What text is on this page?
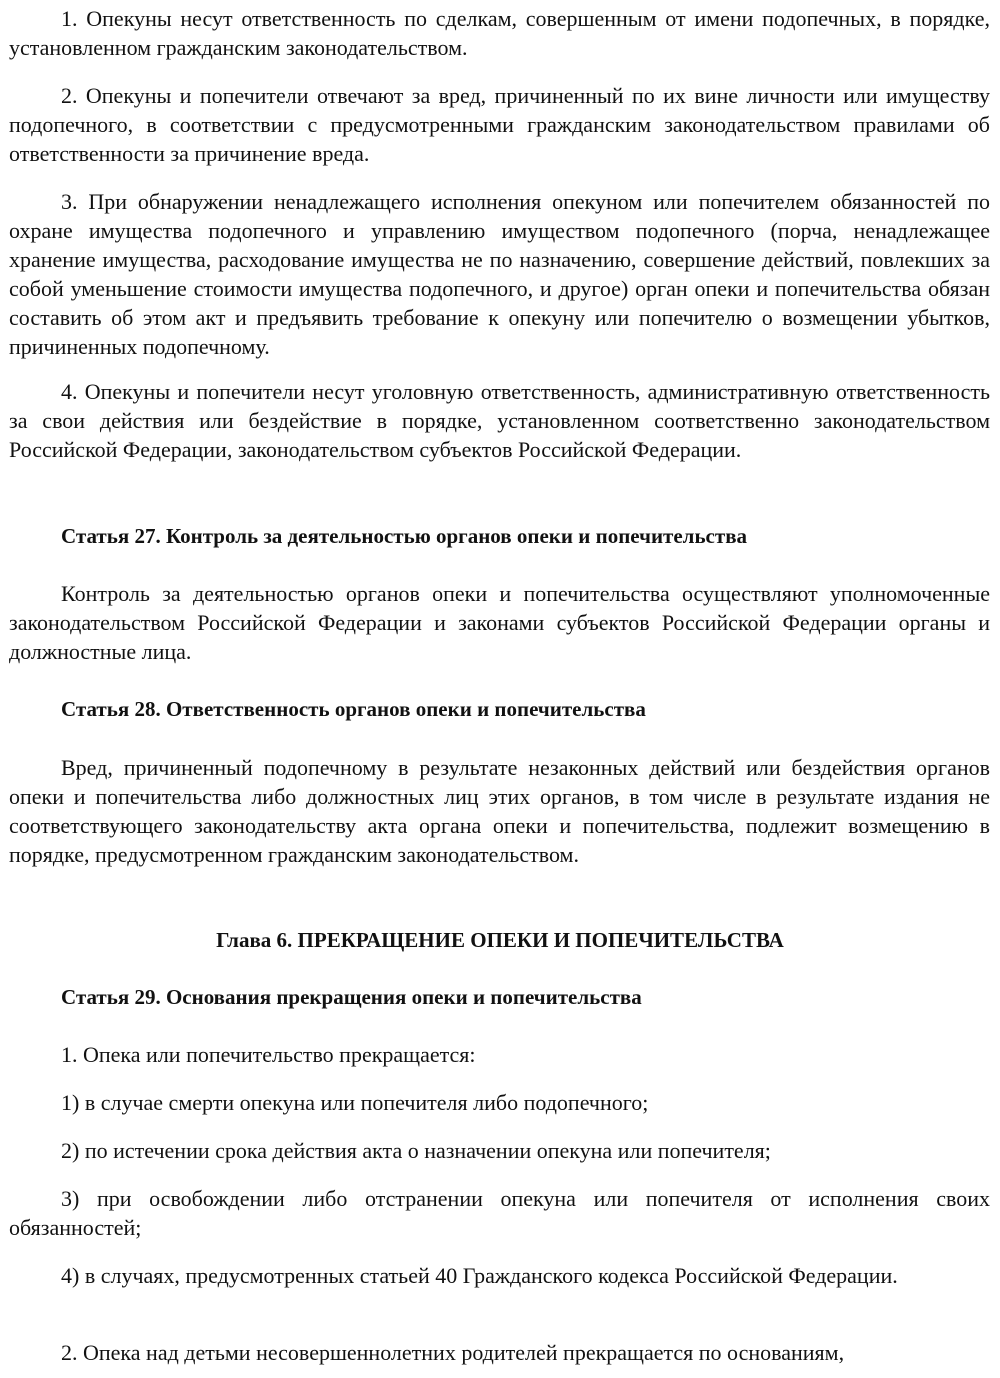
1. Опекуны несут ответственность по сделкам, совершенным от имени подопечных, в порядке, установленном гражданским законодательством.

2. Опекуны и попечители отвечают за вред, причиненный по их вине личности или имуществу подопечного, в соответствии с предусмотренными гражданским законодательством правилами об ответственности за причинение вреда.

3. При обнаружении ненадлежащего исполнения опекуном или попечителем обязанностей по охране имущества подопечного и управлению имуществом подопечного (порча, ненадлежащее хранение имущества, расходование имущества не по назначению, совершение действий, повлекших за собой уменьшение стоимости имущества подопечного, и другое) орган опеки и попечительства обязан составить об этом акт и предъявить требование к опекуну или попечителю о возмещении убытков, причиненных подопечному.

4. Опекуны и попечители несут уголовную ответственность, административную ответственность за свои действия или бездействие в порядке, установленном соответственно законодательством Российской Федерации, законодательством субъектов Российской Федерации.

Статья 27. Контроль за деятельностью органов опеки и попечительства

Контроль за деятельностью органов опеки и попечительства осуществляют уполномоченные законодательством Российской Федерации и законами субъектов Российской Федерации органы и должностные лица.

Статья 28. Ответственность органов опеки и попечительства

Вред, причиненный подопечному в результате незаконных действий или бездействия органов опеки и попечительства либо должностных лиц этих органов, в том числе в результате издания не соответствующего законодательству акта органа опеки и попечительства, подлежит возмещению в порядке, предусмотренном гражданским законодательством.

Глава 6. ПРЕКРАЩЕНИЕ ОПЕКИ И ПОПЕЧИТЕЛЬСТВА
Статья 29. Основания прекращения опеки и попечительства

1. Опека или попечительство прекращается:

1) в случае смерти опекуна или попечителя либо подопечного;

2) по истечении срока действия акта о назначении опекуна или попечителя;

3) при освобождении либо отстранении опекуна или попечителя от исполнения своих обязанностей;

4) в случаях, предусмотренных статьей 40 Гражданского кодекса Российской Федерации.

2. Опека над детьми несовершеннолетних родителей прекращается по основаниям,
